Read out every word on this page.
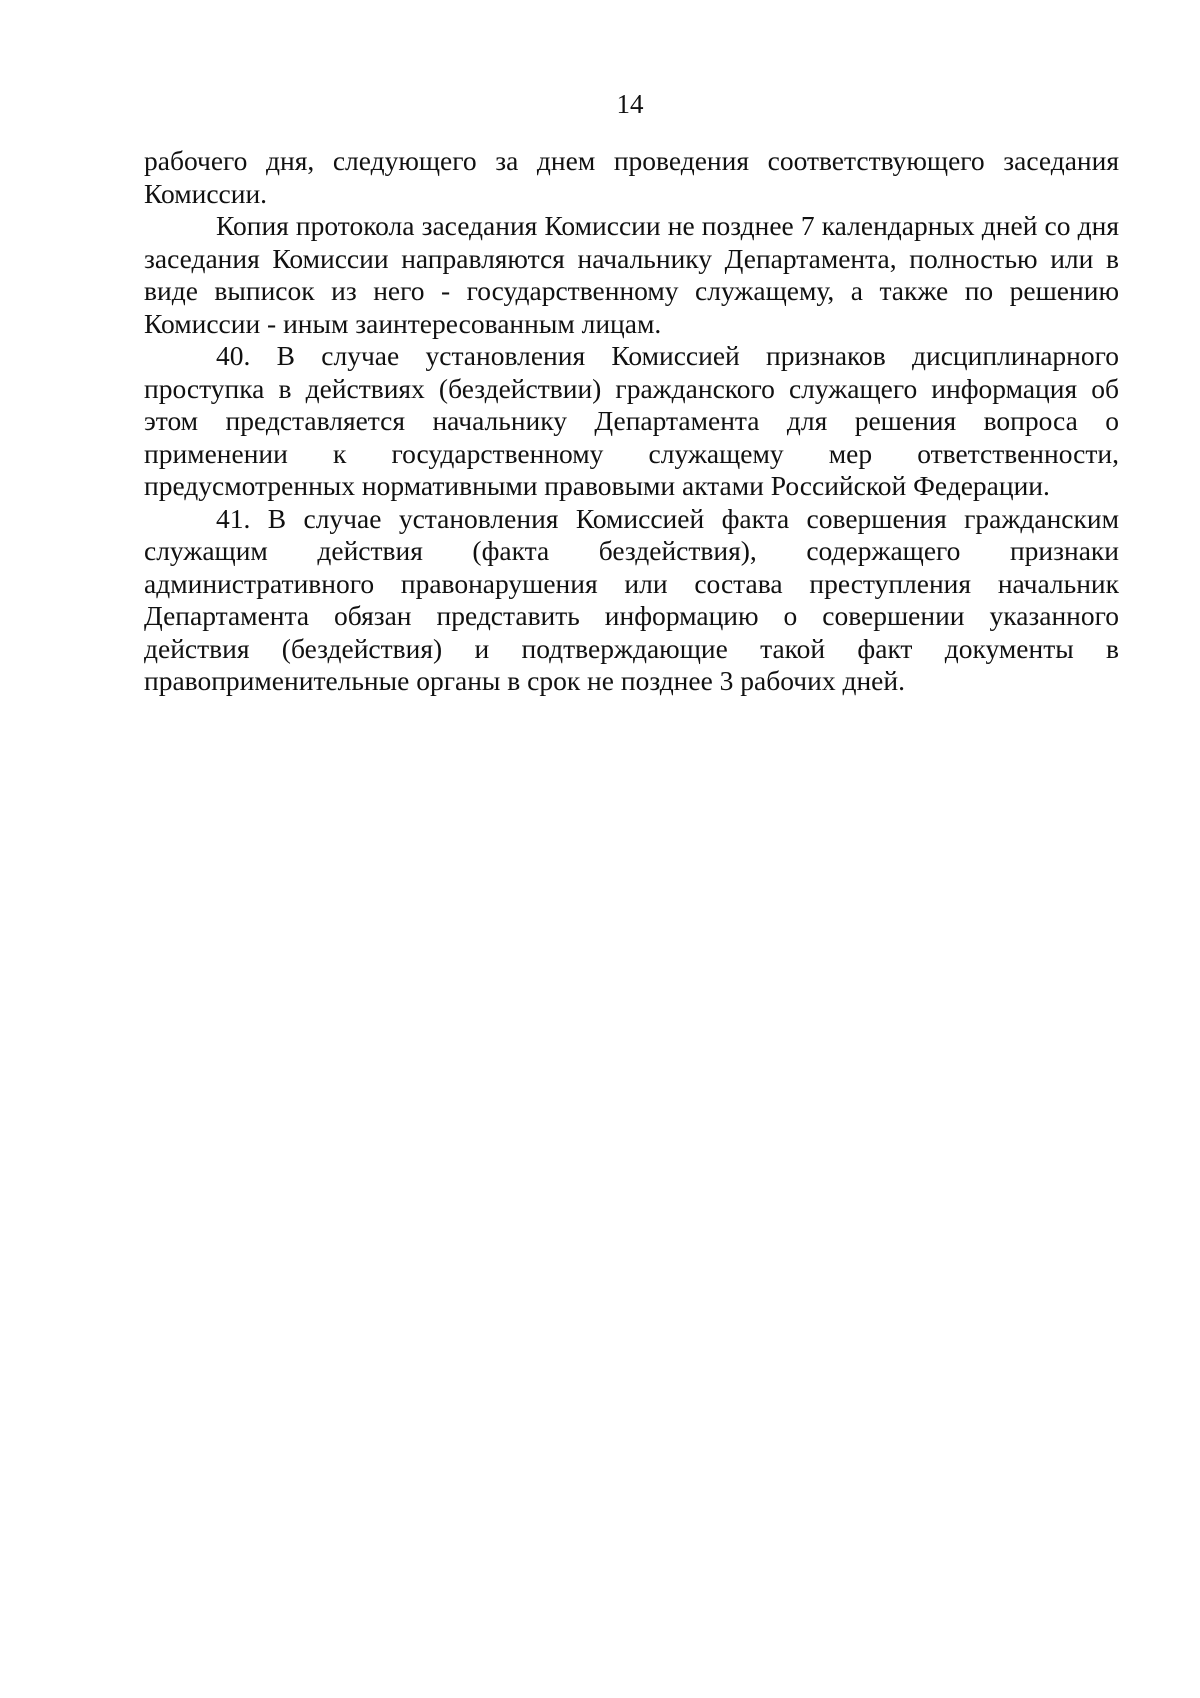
14

рабочего дня, следующего за днем проведения соответствующего заседания Комиссии.

Копия протокола заседания Комиссии не позднее 7 календарных дней со дня заседания Комиссии направляются начальнику Департамента, полностью или в виде выписок из него - государственному служащему, а также по решению Комиссии - иным заинтересованным лицам.

40. В случае установления Комиссией признаков дисциплинарного проступка в действиях (бездействии) гражданского служащего информация об этом представляется начальнику Департамента для решения вопроса о применении к государственному служащему мер ответственности, предусмотренных нормативными правовыми актами Российской Федерации.

41. В случае установления Комиссией факта совершения гражданским служащим действия (факта бездействия), содержащего признаки административного правонарушения или состава преступления начальник Департамента обязан представить информацию о совершении указанного действия (бездействия) и подтверждающие такой факт документы в правоприменительные органы в срок не позднее 3 рабочих дней.
